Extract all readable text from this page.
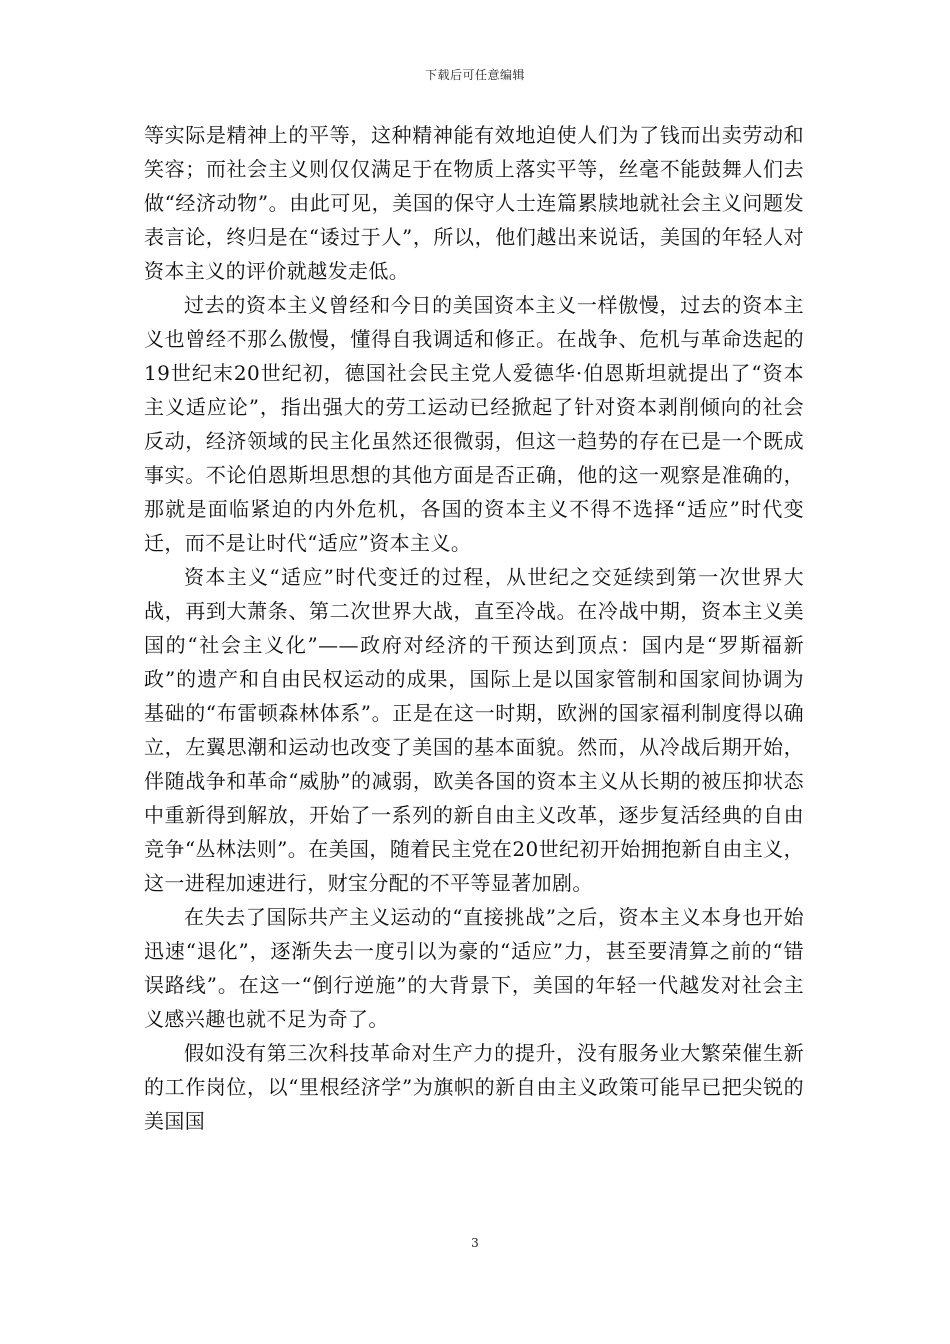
下载后可任意编辑

等实际是精神上的平等，这种精神能有效地迫使人们为了钱而出卖劳动和笑容；而社会主义则仅仅满足于在物质上落实平等，丝毫不能鼓舞人们去做“经济动物”。由此可见，美国的保守人士连篇累牍地就社会主义问题发表言论，终归是在“诿过于人”，所以，他们越出来说话，美国的年轻人对资本主义的评价就越发走低。

过去的资本主义曾经和今日的美国资本主义一样傲慢，过去的资本主义也曾经不那么傲慢，懂得自我调适和修正。在战争、危机与革命迭起的19世纪末20世纪初，德国社会民主党人爱德华·伯恩斯坦就提出了“资本主义适应论”，指出强大的劳工运动已经掀起了针对资本剥削倾向的社会反动，经济领域的民主化虽然还很微弱，但这一趋势的存在已是一个既成事实。不论伯恩斯坦思想的其他方面是否正确，他的这一观察是准确的，那就是面临紧迫的内外危机，各国的资本主义不得不选择“适应”时代变迁，而不是让时代“适应”资本主义。

资本主义“适应”时代变迁的过程，从世纪之交延续到第一次世界大战，再到大萧条、第二次世界大战，直至冷战。在冷战中期，资本主义美国的“社会主义化”——政府对经济的干预达到顶点：国内是“罗斯福新政”的遗产和自由民权运动的成果，国际上是以国家管制和国家间协调为基础的“布雷顿森林体系”。正是在这一时期，欧洲的国家福利制度得以确立，左翼思潮和运动也改变了美国的基本面貌。然而，从冷战后期开始，伴随战争和革命“威胁”的减弱，欧美各国的资本主义从长期的被压抑状态中重新得到解放，开始了一系列的新自由主义改革，逐步复活经典的自由竞争“丛林法则”。在美国，随着民主党在20世纪初开始拥抱新自由主义，这一进程加速进行，财宝分配的不平等显著加剧。

在失去了国际共产主义运动的“直接挑战”之后，资本主义本身也开始迅速“退化”，逐渐失去一度引以为豪的“适应”力，甚至要清算之前的“错误路线”。在这一“倒行逆施”的大背景下，美国的年轻一代越发对社会主义感兴趣也就不足为奇了。

假如没有第三次科技革命对生产力的提升，没有服务业大繁荣催生新的工作岗位，以“里根经济学”为旗帜的新自由主义政策可能早已把尖锐的美国国

3
